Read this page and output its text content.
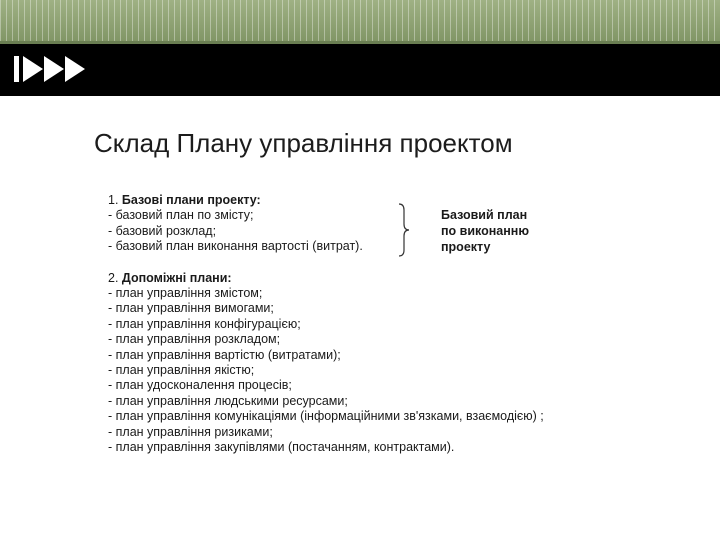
Склад Плану управління проектом
1. Базові плани проекту:
- базовий план по змісту;
- базовий розклад;
- базовий план виконання вартості (витрат).
2. Допоміжні плани:
- план управління змістом;
- план управління вимогами;
- план управління конфігурацією;
- план управління розкладом;
- план управління вартістю (витратами);
- план управління якістю;
- план удосконалення процесів;
- план управління людськими ресурсами;
- план управління комунікаціями (інформаційними зв'язками, взаємодією) ;
- план управління ризиками;
- план управління закупівлями (постачанням, контрактами).
Базовий план
по виконанню
проекту
